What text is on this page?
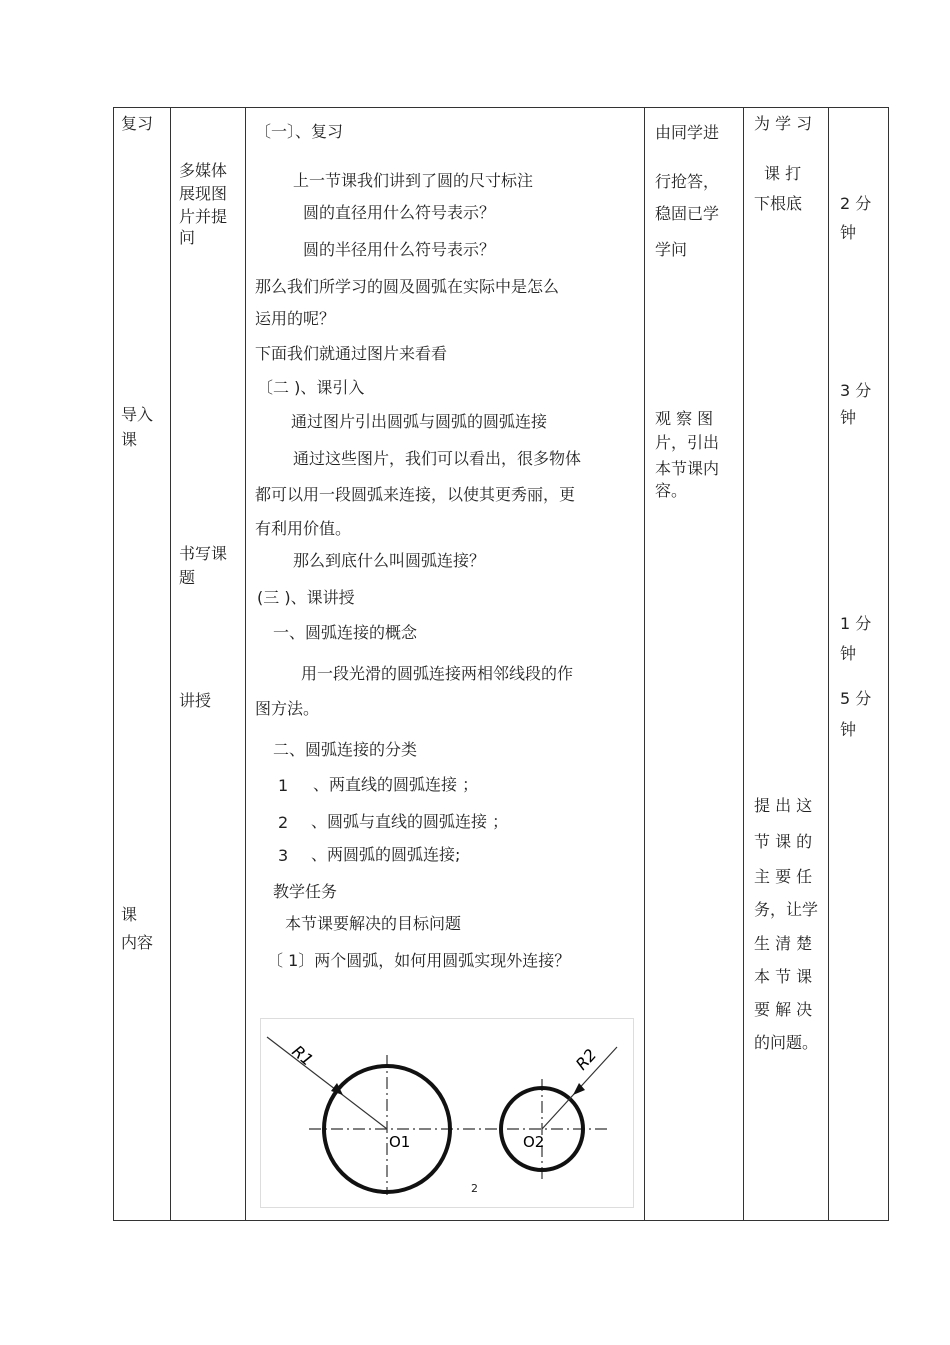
复习
导入
课
课
内容
多媒体
展现图
片并提
问
书写课
题
讲授
〔一〕、复习
上一节课我们讲到了圆的尺寸标注
圆的直径用什么符号表示？
圆的半径用什么符号表示？
那么我们所学习的圆及圆弧在实际中是怎么
运用的呢？
下面我们就通过图片来看看
〔二 )、课引入
通过图片引出圆弧与圆弧的圆弧连接
通过这些图片，我们可以看出，很多物体
都可以用一段圆弧来连接，以使其更秀丽，更
有利用价值。
那么到底什么叫圆弧连接？
(三 )、课讲授
一、圆弧连接的概念
用一段光滑的圆弧连接两相邻线段的作
图方法。
二、圆弧连接的分类
1 、两直线的圆弧连接 ；
2 、圆弧与直线的圆弧连接 ；
3 、两圆弧的圆弧连接;
教学任务
本节课要解决的目标问题
〔 1〕两个圆弧，如何用圆弧实现外连接？
R1	R2
O1	O2
2
由同学进
行抢答，
稳固已学
学问
观 察 图
片，引出
本节课内
容。
为 学 习
课 打
下根底
提 出 这
节 课 的
主 要 任
务，让学
生 清 楚
本 节 课
要 解 决
的问题。
2 分
钟
3 分
钟
1 分
钟
5 分
钟
